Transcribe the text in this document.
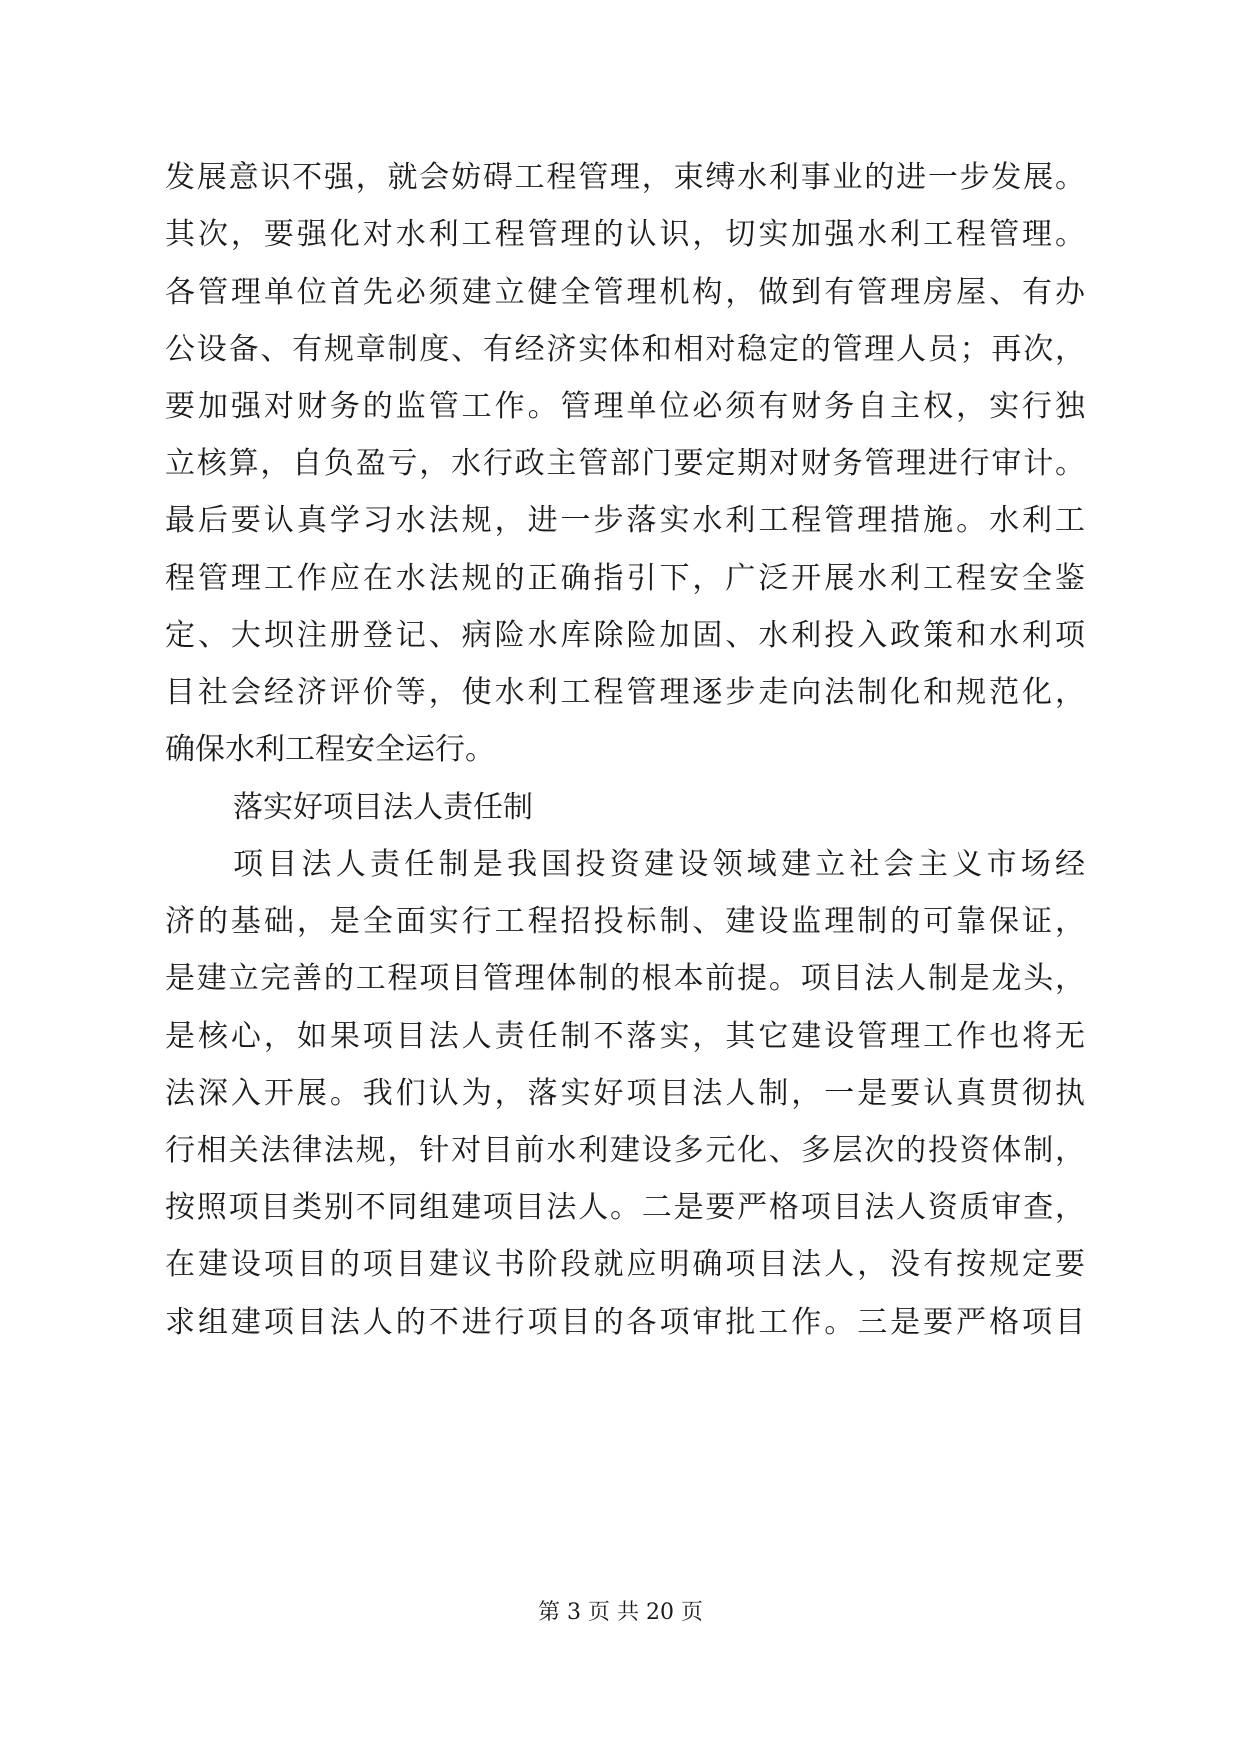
发展意识不强，就会妨碍工程管理，束缚水利事业的进一步发展。
其次，要强化对水利工程管理的认识，切实加强水利工程管理。
各管理单位首先必须建立健全管理机构，做到有管理房屋、有办
公设备、有规章制度、有经济实体和相对稳定的管理人员；再次，
要加强对财务的监管工作。管理单位必须有财务自主权，实行独
立核算，自负盈亏，水行政主管部门要定期对财务管理进行审计。
最后要认真学习水法规，进一步落实水利工程管理措施。水利工
程管理工作应在水法规的正确指引下，广泛开展水利工程安全鉴
定、大坝注册登记、病险水库除险加固、水利投入政策和水利项
目社会经济评价等，使水利工程管理逐步走向法制化和规范化，
确保水利工程安全运行。
落实好项目法人责任制
项目法人责任制是我国投资建设领域建立社会主义市场经
济的基础，是全面实行工程招投标制、建设监理制的可靠保证，
是建立完善的工程项目管理体制的根本前提。项目法人制是龙头，
是核心，如果项目法人责任制不落实，其它建设管理工作也将无
法深入开展。我们认为，落实好项目法人制，一是要认真贯彻执
行相关法律法规，针对目前水利建设多元化、多层次的投资体制，
按照项目类别不同组建项目法人。二是要严格项目法人资质审查，
在建设项目的项目建议书阶段就应明确项目法人，没有按规定要
求组建项目法人的不进行项目的各项审批工作。三是要严格项目
第 3 页 共 20 页
